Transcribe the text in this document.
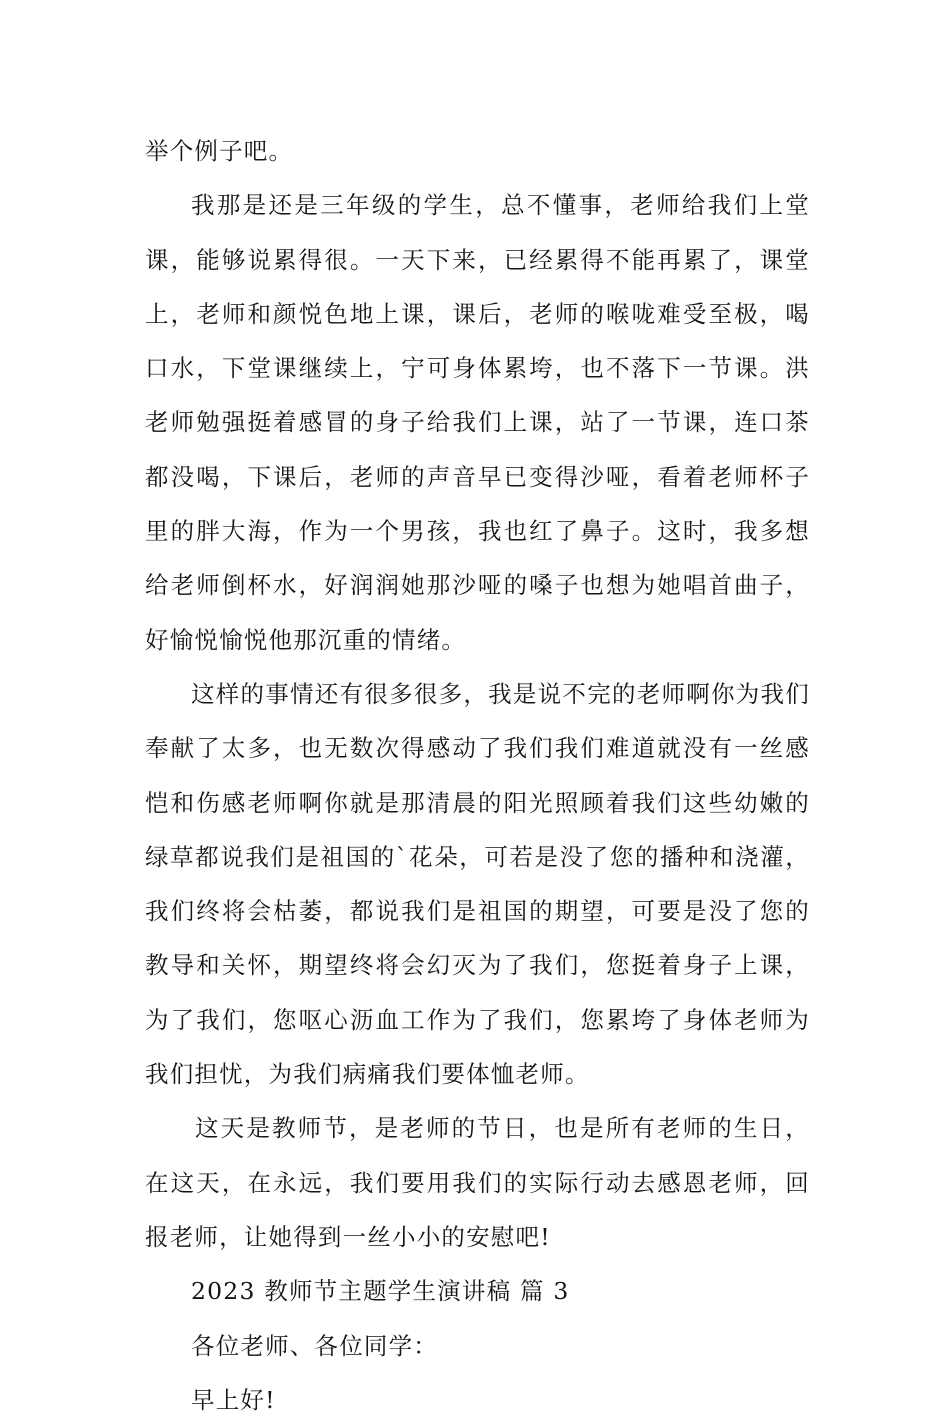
举个例子吧。

我那是还是三年级的学生，总不懂事，老师给我们上堂课，能够说累得很。一天下来，已经累得不能再累了，课堂上，老师和颜悦色地上课，课后，老师的喉咙难受至极，喝口水，下堂课继续上，宁可身体累垮，也不落下一节课。洪老师勉强挺着感冒的身子给我们上课，站了一节课，连口茶都没喝，下课后，老师的声音早已变得沙哑，看着老师杯子里的胖大海，作为一个男孩，我也红了鼻子。这时，我多想给老师倒杯水，好润润她那沙哑的嗓子也想为她唱首曲子，好愉悦愉悦他那沉重的情绪。

这样的事情还有很多很多，我是说不完的老师啊你为我们奉献了太多，也无数次得感动了我们我们难道就没有一丝感恺和伤感老师啊你就是那清晨的阳光照顾着我们这些幼嫩的绿草都说我们是祖国的`花朵，可若是没了您的播种和浇灌，我们终将会枯萎，都说我们是祖国的期望，可要是没了您的教导和关怀，期望终将会幻灭为了我们，您挺着身子上课，为了我们，您呕心沥血工作为了我们，您累垮了身体老师为我们担忧，为我们病痛我们要体恤老师。

这天是教师节，是老师的节日，也是所有老师的生日，在这天，在永远，我们要用我们的实际行动去感恩老师，回报老师，让她得到一丝小小的安慰吧!

2023 教师节主题学生演讲稿 篇 3

各位老师、各位同学：

早上好!
